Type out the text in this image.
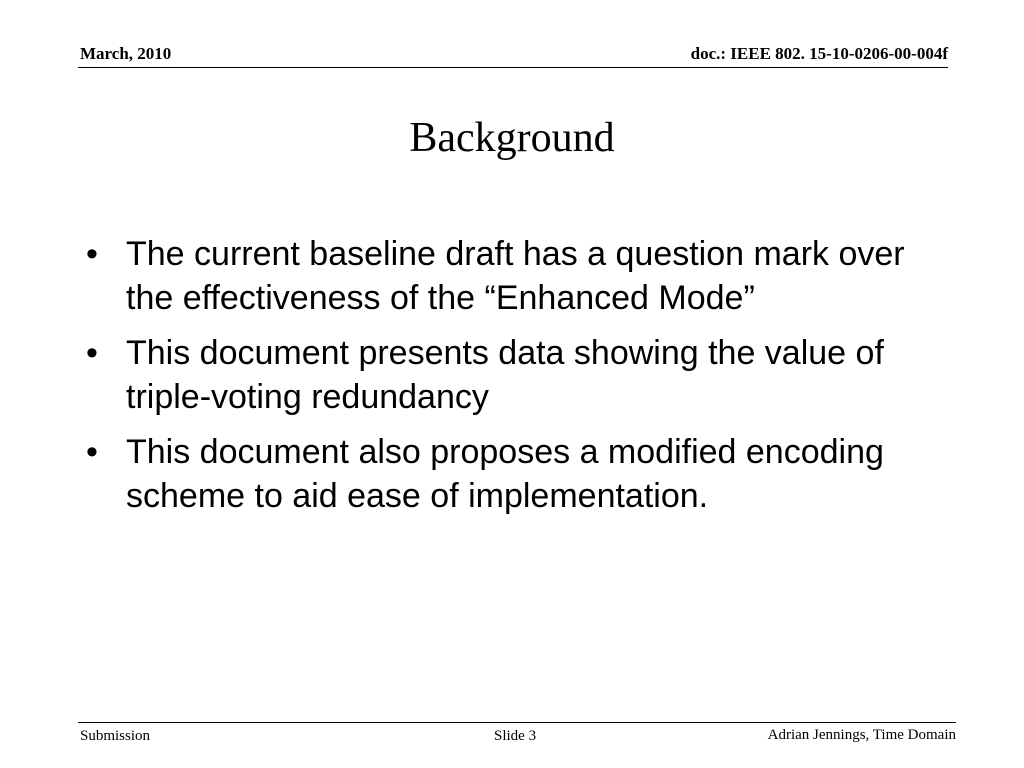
March, 2010	doc.: IEEE 802. 15-10-0206-00-004f
Background
• The current baseline draft has a question mark over the effectiveness of the “Enhanced Mode”
• This document presents data showing the value of triple-voting redundancy
• This document also proposes a modified encoding scheme to aid ease of implementation.
Submission	Slide 3	Adrian Jennings, Time Domain
